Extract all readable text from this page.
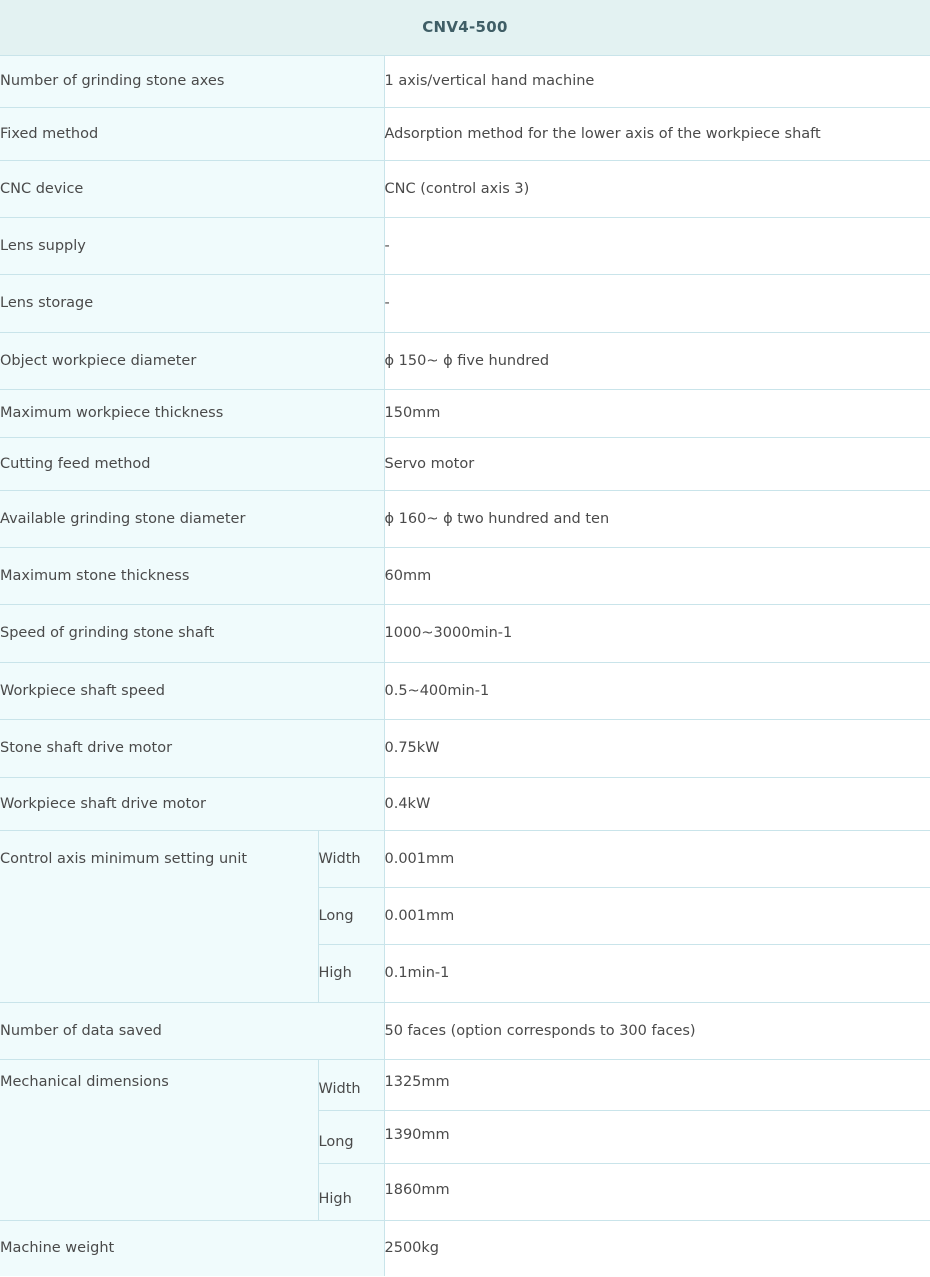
CNV4-500		
Number of grinding stone axes		1 axis/vertical hand machine
Fixed method		Adsorption method for the lower axis of the workpiece shaft
CNC device		CNC (control axis 3)
Lens supply		-
Lens storage		-
Object workpiece diameter		ϕ 150~ ϕ five hundred
Maximum workpiece thickness		150mm
Cutting feed method		Servo motor
Available grinding stone diameter		ϕ 160~ ϕ two hundred and ten
Maximum stone thickness		60mm
Speed of grinding stone shaft		1000~3000min-1
Workpiece shaft speed		0.5~400min-1
Stone shaft drive motor		0.75kW
Workpiece shaft drive motor		0.4kW
Control axis minimum setting unit	Width	0.001mm
	Long	0.001mm
	High	0.1min-1
Number of data saved		50 faces (option corresponds to 300 faces)
Mechanical dimensions	Width	1325mm
	Long	1390mm
	High	1860mm
Machine weight		2500kg
